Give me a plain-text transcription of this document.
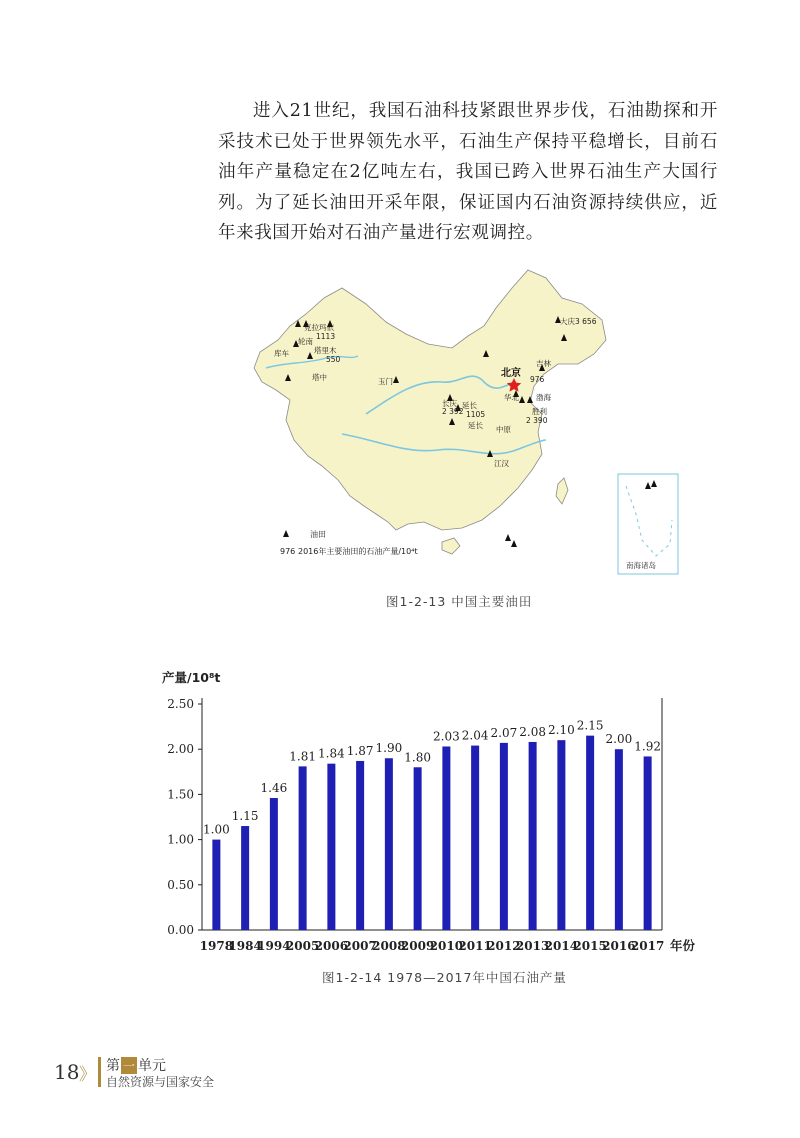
进入21世纪，我国石油科技紧跟世界步伐，石油勘探和开采技术已处于世界领先水平，石油生产保持平稳增长，目前石油年产量稳定在2亿吨左右，我国已跨入世界石油生产大国行列。为了延长油田开采年限，保证国内石油资源持续供应，近年来我国开始对石油产量进行宏观调控。

南海诸岛
大庆3 656
克拉玛依
1113
轮南
塔里木
550
库车
塔中	玉门
长庆
2 392
延长
1105
吉林
976
华北 渤海
胜利
2 390
中原
江汉
延长
北京
油田
976 2016年主要油田的石油产量/10⁴t
图1-2-13 中国主要油田
0.00
0.50
1.00
1.50
2.00
2.50
产量/10⁸t
1.00
1978
1.15
1984
1.46
1994
1.81
2005
1.84
2006
1.87
2007
1.90
2008
1.80
2009
2.03
2010
2.04
2011
2.07
2012
2.08
2013
2.10
2014
2.15
2015
2.00
2016
1.92
2017 年份
图1-2-14 1978—2017年中国石油产量
18 》 第 一 单元
自然资源与国家安全
